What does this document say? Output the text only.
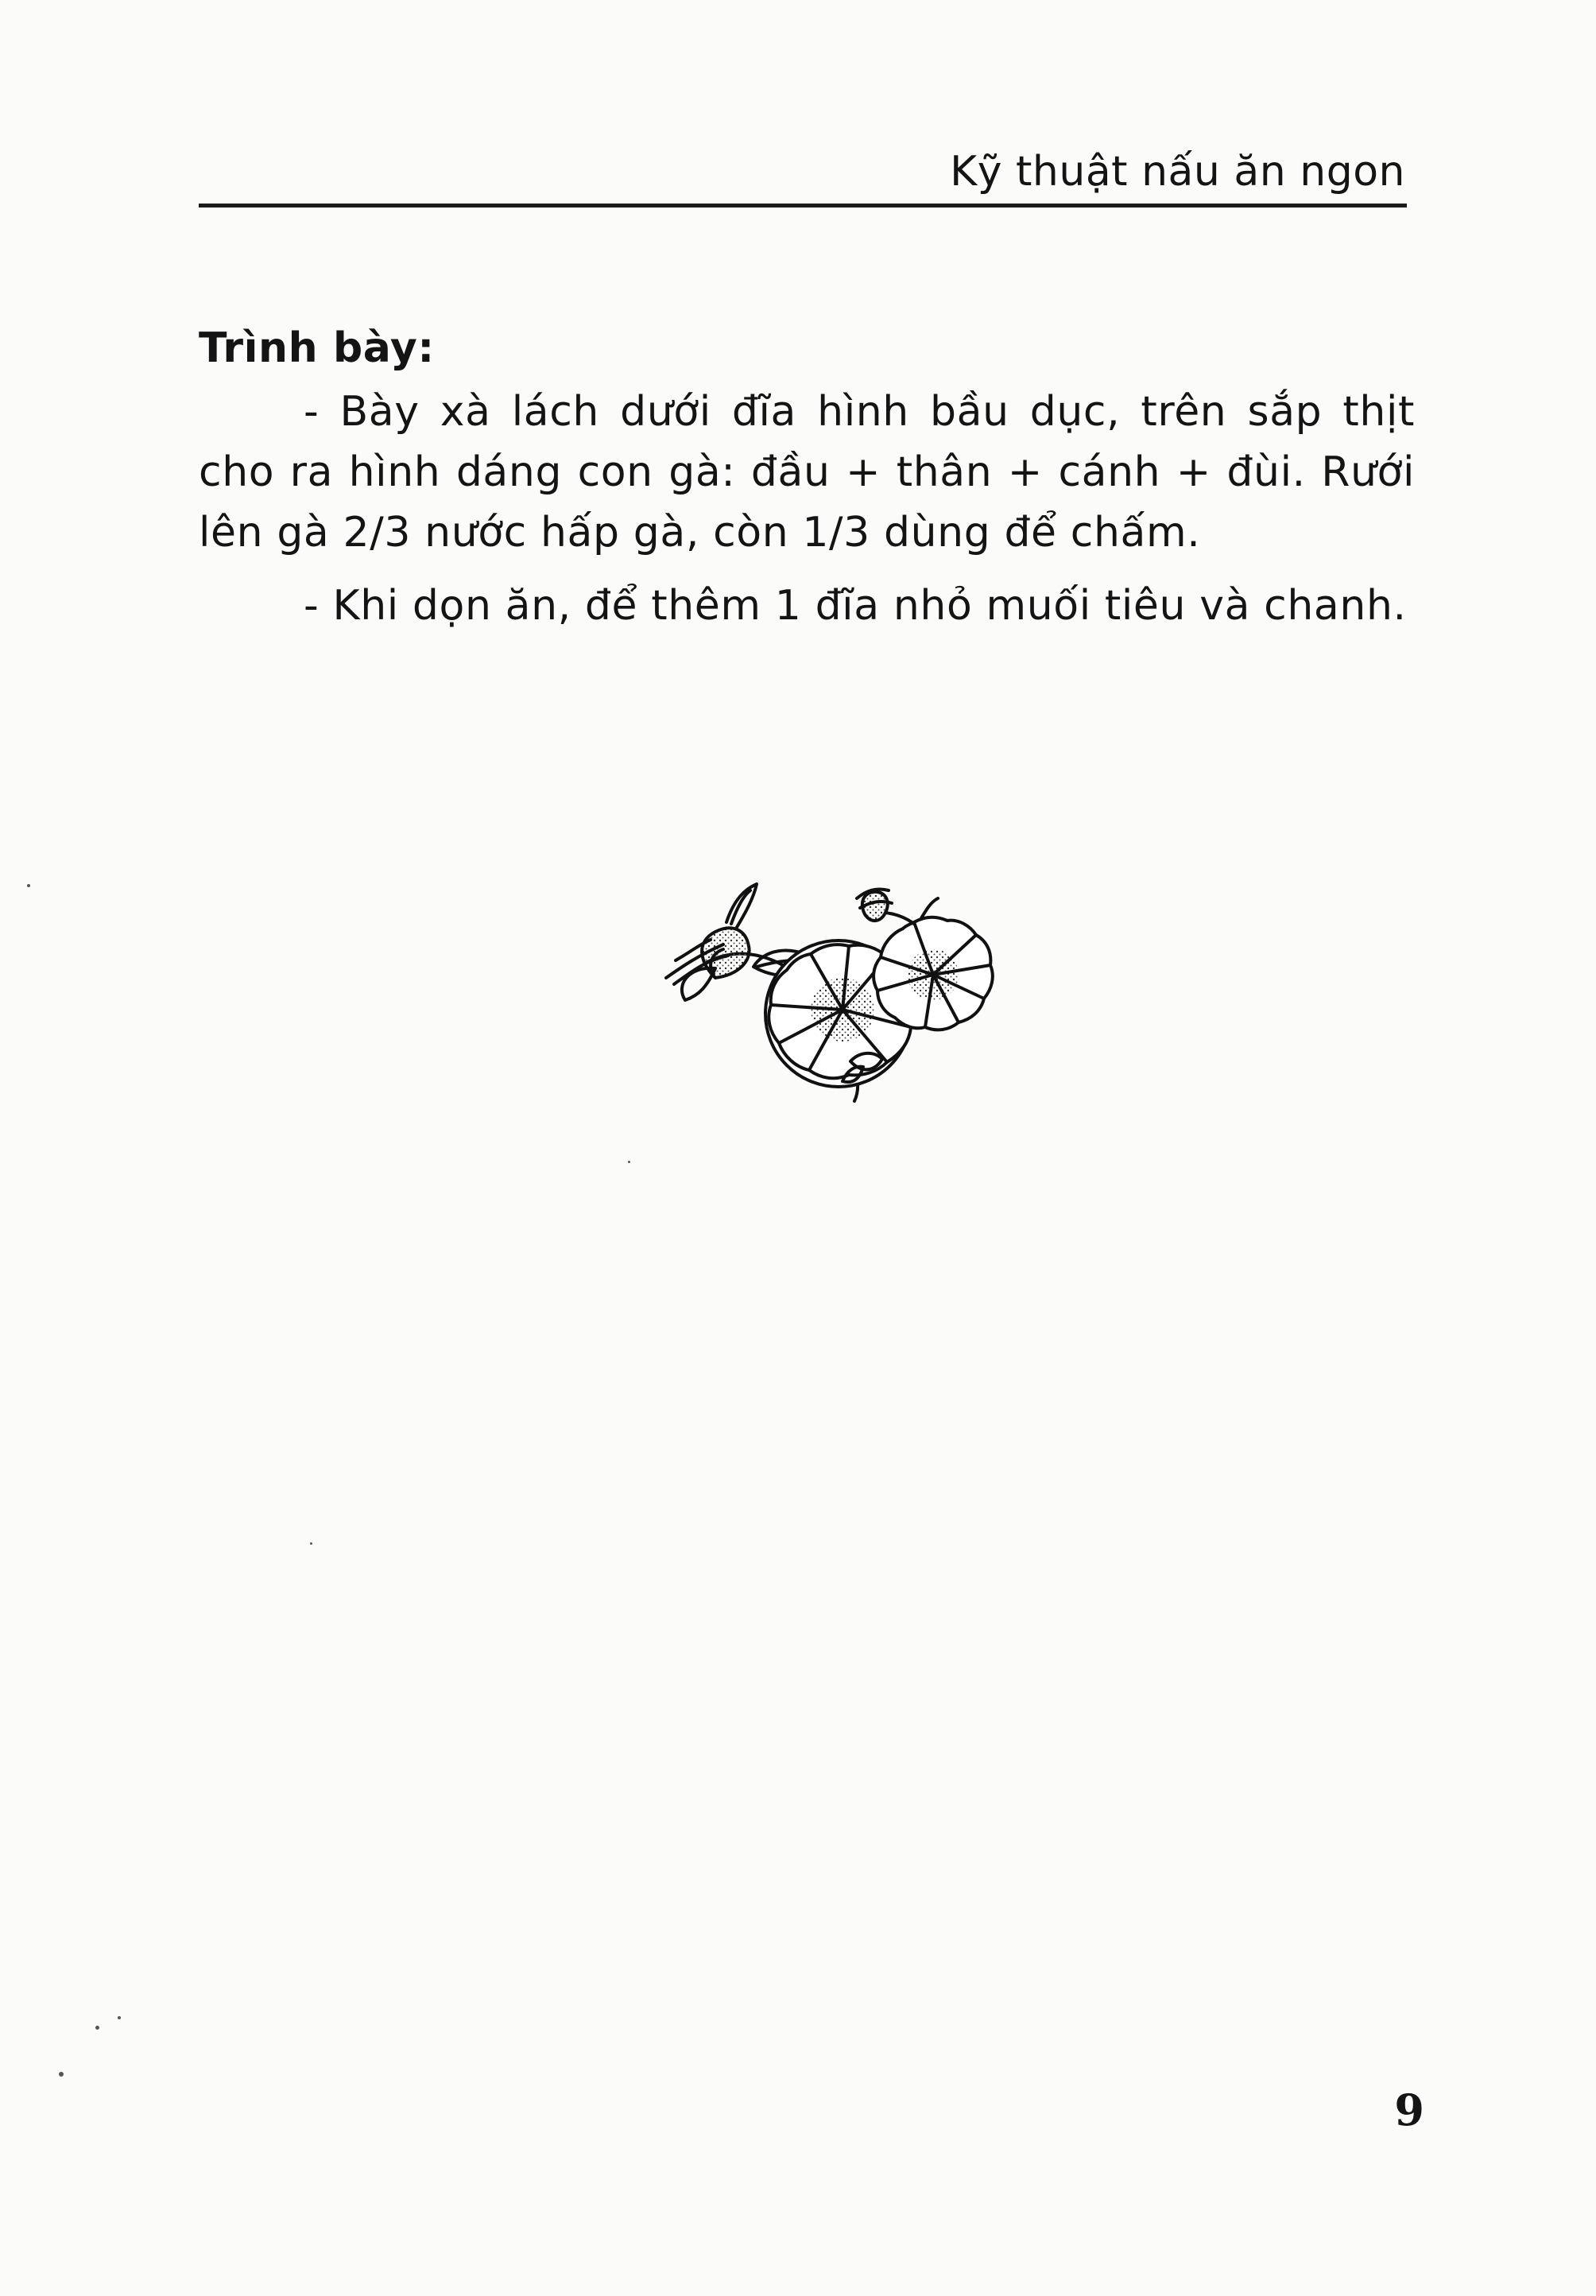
Kỹ thuật nấu ăn ngon
Trình bày:

- Bày xà lách dưới đĩa hình bầu dục, trên sắp thịt cho ra hình dáng con gà: đầu + thân + cánh + đùi. Rưới lên gà 2/3 nước hấp gà, còn 1/3 dùng để chấm.

- Khi dọn ăn, để thêm 1 đĩa nhỏ muối tiêu và chanh.

9
